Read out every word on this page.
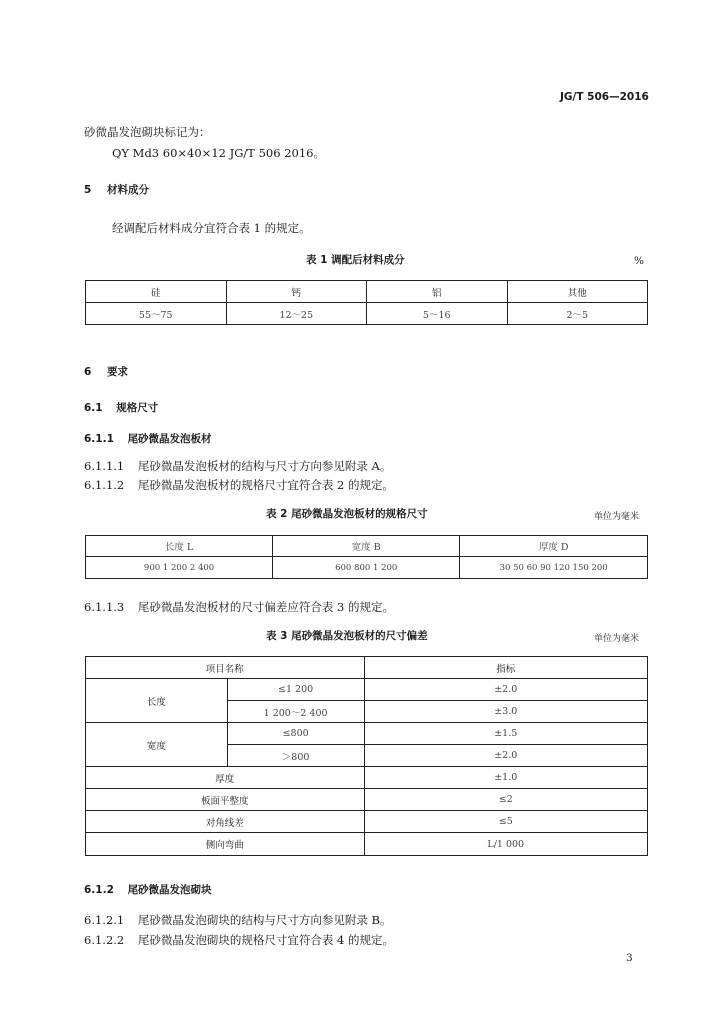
JG/T 506—2016
砂微晶发泡砌块标记为：
QY Md3 60×40×12 JG/T 506 2016。
5 材料成分
经调配后材料成分宜符合表 1 的规定。
表 1 调配后材料成分	%
硅	钙	铝	其他
55～75	12～25	5～16	2～5
6 要求
6.1 规格尺寸
6.1.1 尾砂微晶发泡板材
6.1.1.1 尾砂微晶发泡板材的结构与尺寸方向参见附录 A。
6.1.1.2 尾砂微晶发泡板材的规格尺寸宜符合表 2 的规定。
表 2 尾砂微晶发泡板材的规格尺寸	单位为毫米
长度 L	宽度 B	厚度 D
900 1 200 2 400	600 800 1 200	30 50 60 90 120 150 200
6.1.1.3 尾砂微晶发泡板材的尺寸偏差应符合表 3 的规定。
表 3 尾砂微晶发泡板材的尺寸偏差	单位为毫米
项目名称		指标
长度	≤1 200	±2.0
	1 200～2 400	±3.0
宽度	≤800	±1.5
	＞800	±2.0
厚度		±1.0
板面平整度		≤2
对角线差		≤5
侧向弯曲		L/1 000
6.1.2 尾砂微晶发泡砌块
6.1.2.1 尾砂微晶发泡砌块的结构与尺寸方向参见附录 B。
6.1.2.2 尾砂微晶发泡砌块的规格尺寸宜符合表 4 的规定。
3
